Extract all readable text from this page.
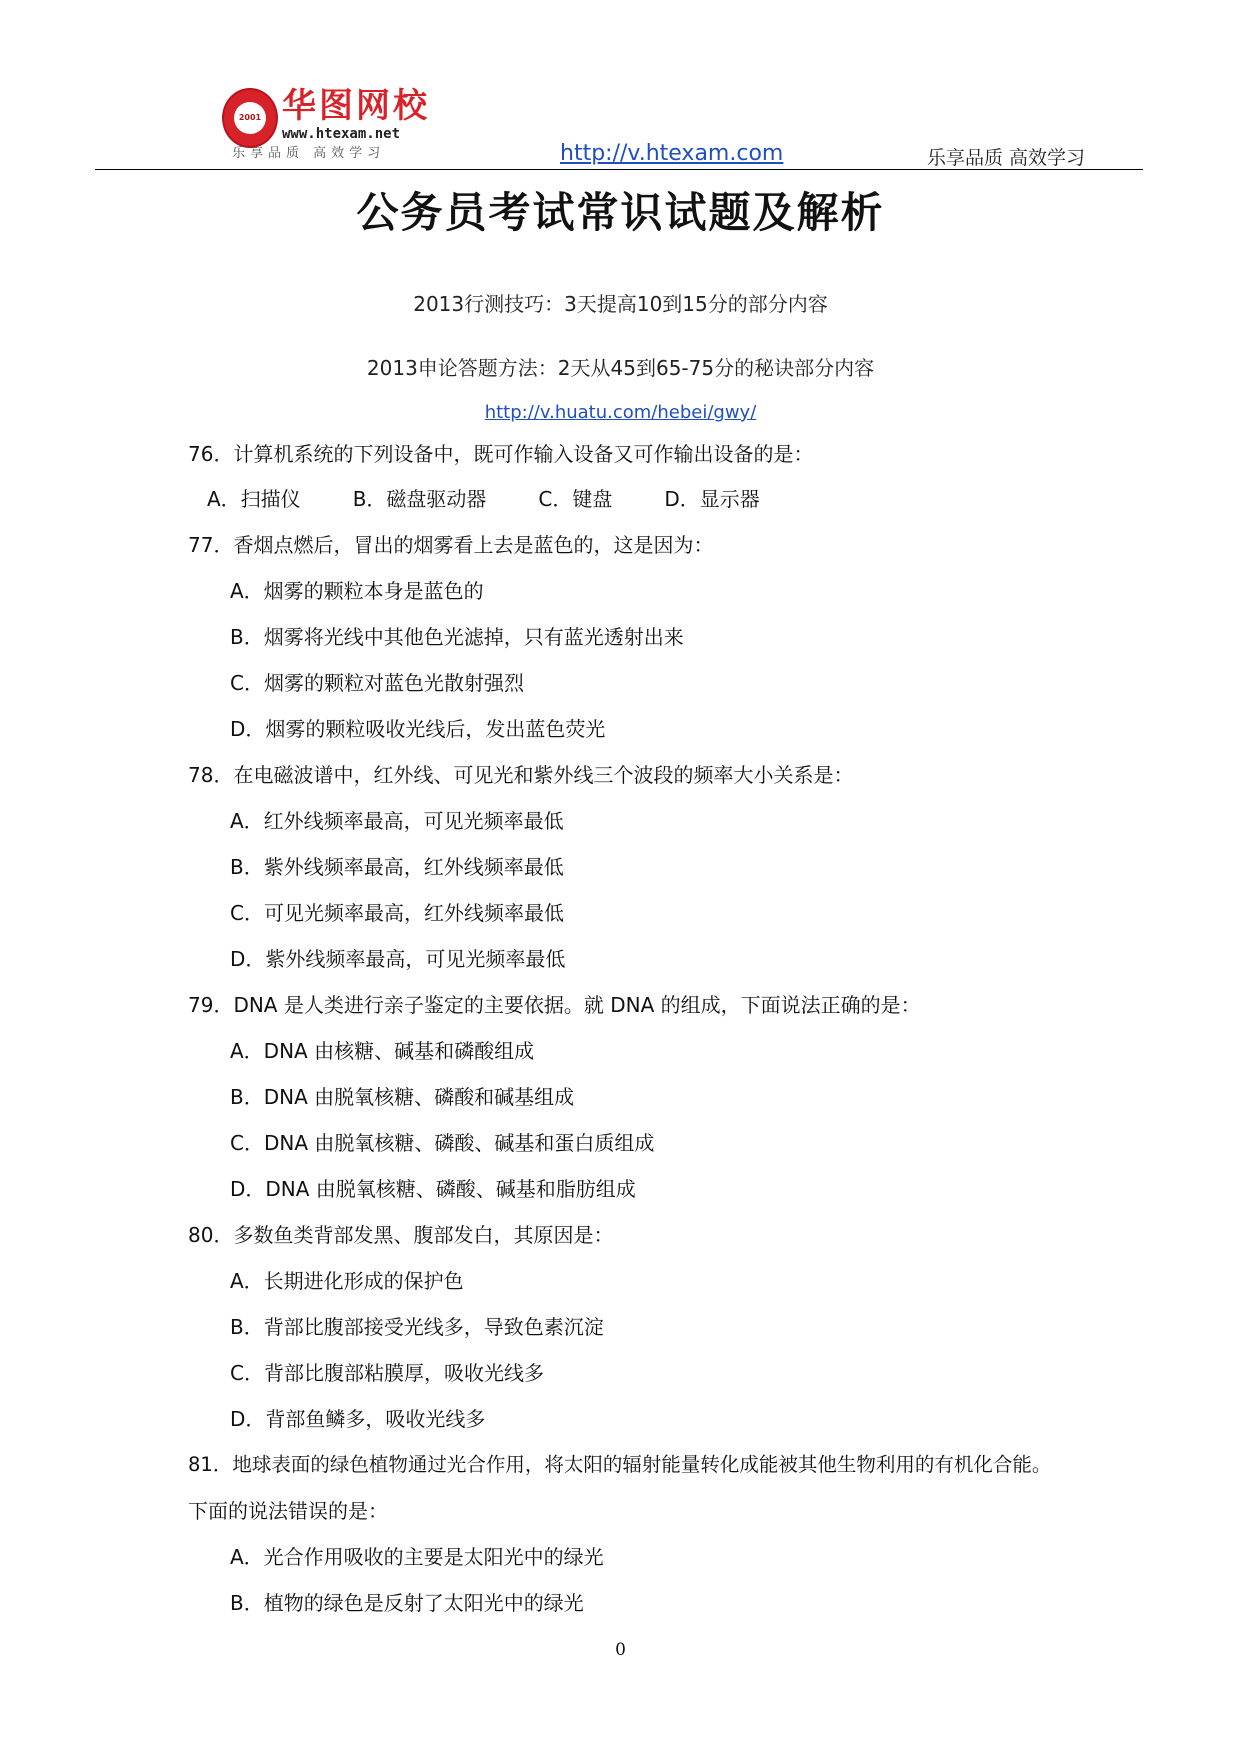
2001 华图网校
www.htexam.net
乐享品质 高效学习	http://v.htexam.com	乐享品质 高效学习
公务员考试常识试题及解析
2013行测技巧：3天提高10到15分的部分内容
2013申论答题方法：2天从45到65-75分的秘诀部分内容
http://v.huatu.com/hebei/gwy/
76．计算机系统的下列设备中，既可作输入设备又可作输出设备的是：
A．扫描仪	B．磁盘驱动器	C．键盘	D．显示器
77．香烟点燃后，冒出的烟雾看上去是蓝色的，这是因为：
A．烟雾的颗粒本身是蓝色的
B．烟雾将光线中其他色光滤掉，只有蓝光透射出来
C．烟雾的颗粒对蓝色光散射强烈
D．烟雾的颗粒吸收光线后，发出蓝色荧光
78．在电磁波谱中，红外线、可见光和紫外线三个波段的频率大小关系是：
A．红外线频率最高，可见光频率最低
B．紫外线频率最高，红外线频率最低
C．可见光频率最高，红外线频率最低
D．紫外线频率最高，可见光频率最低
79．DNA 是人类进行亲子鉴定的主要依据。就 DNA 的组成，下面说法正确的是：
A．DNA 由核糖、碱基和磷酸组成
B．DNA 由脱氧核糖、磷酸和碱基组成
C．DNA 由脱氧核糖、磷酸、碱基和蛋白质组成
D．DNA 由脱氧核糖、磷酸、碱基和脂肪组成
80．多数鱼类背部发黑、腹部发白，其原因是：
A．长期进化形成的保护色
B．背部比腹部接受光线多，导致色素沉淀
C．背部比腹部粘膜厚，吸收光线多
D．背部鱼鳞多，吸收光线多
81．地球表面的绿色植物通过光合作用，将太阳的辐射能量转化成能被其他生物利用的有机化合能。
下面的说法错误的是：
A．光合作用吸收的主要是太阳光中的绿光
B．植物的绿色是反射了太阳光中的绿光
0
